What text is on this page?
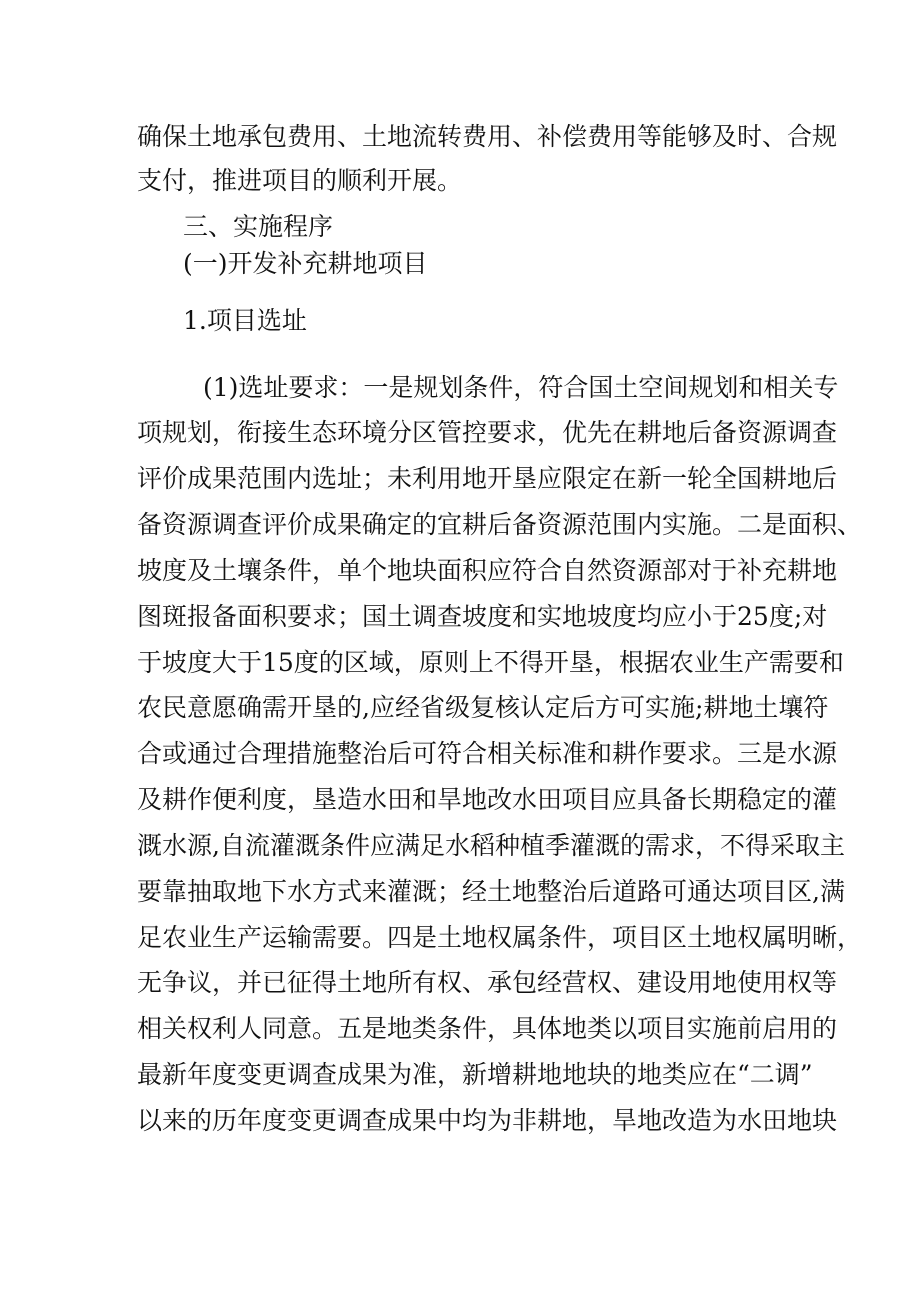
确保土地承包费用、土地流转费用、补偿费用等能够及时、合规
支付，推进项目的顺利开展。
三、实施程序
(一)开发补充耕地项目
1.项目选址
(1)选址要求：一是规划条件，符合国土空间规划和相关专
项规划，衔接生态环境分区管控要求，优先在耕地后备资源调查
评价成果范围内选址；未利用地开垦应限定在新一轮全国耕地后
备资源调查评价成果确定的宜耕后备资源范围内实施。二是面积、
坡度及土壤条件，单个地块面积应符合自然资源部对于补充耕地
图斑报备面积要求；国土调查坡度和实地坡度均应小于25度;对
于坡度大于15度的区域，原则上不得开垦，根据农业生产需要和
农民意愿确需开垦的,应经省级复核认定后方可实施;耕地土壤符
合或通过合理措施整治后可符合相关标准和耕作要求。三是水源
及耕作便利度，垦造水田和旱地改水田项目应具备长期稳定的灌
溉水源,自流灌溉条件应满足水稻种植季灌溉的需求，不得采取主
要靠抽取地下水方式来灌溉；经土地整治后道路可通达项目区,满
足农业生产运输需要。四是土地权属条件，项目区土地权属明晰，
无争议，并已征得土地所有权、承包经营权、建设用地使用权等
相关权利人同意。五是地类条件，具体地类以项目实施前启用的
最新年度变更调查成果为准，新增耕地地块的地类应在“二调”
以来的历年度变更调查成果中均为非耕地，旱地改造为水田地块
